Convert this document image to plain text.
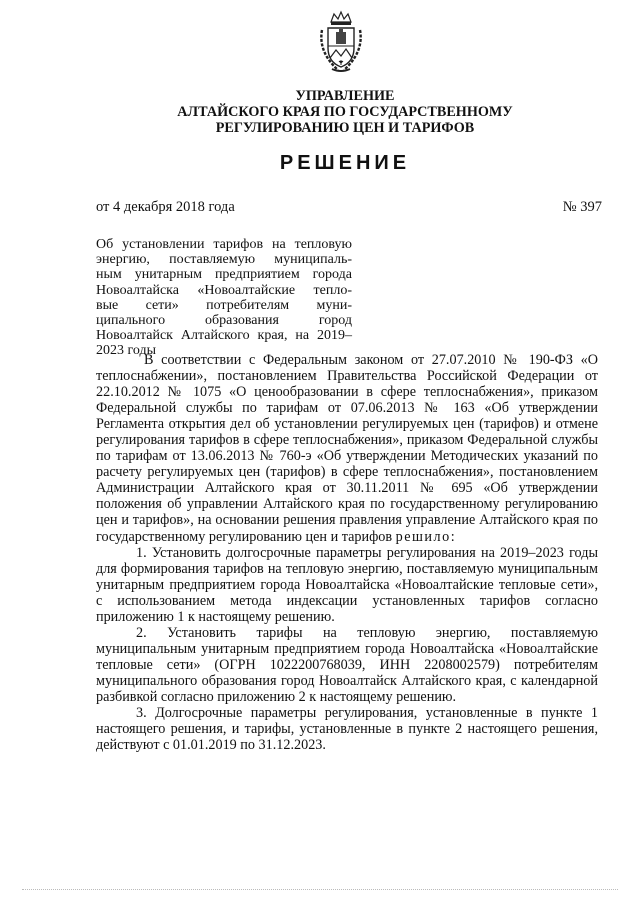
УПРАВЛЕНИЕ
АЛТАЙСКОГО КРАЯ ПО ГОСУДАРСТВЕННОМУ
РЕГУЛИРОВАНИЮ ЦЕН И ТАРИФОВ
РЕШЕНИЕ
от 4 декабря 2018 года	№ 397
Об установлении тарифов на тепловую
энергию, поставляемую муниципаль-
ным унитарным предприятием города
Новоалтайска «Новоалтайские тепло-
вые сети» потребителям муни-
ципального образования город
Новоалтайск Алтайского края, на 2019–
2023 годы

В соответствии с Федеральным законом от 27.07.2010 № 190-ФЗ «О теплоснабжении», постановлением Правительства Российской Федерации от 22.10.2012 № 1075 «О ценообразовании в сфере теплоснабжения», приказом Федеральной службы по тарифам от 07.06.2013 № 163 «Об утверждении Регламента открытия дел об установлении регулируемых цен (тарифов) и отмене регулирования тарифов в сфере теплоснабжения», приказом Федеральной службы по тарифам от 13.06.2013 № 760-э «Об утверждении Методических указаний по расчету регулируемых цен (тарифов) в сфере теплоснабжения», постановлением Администрации Алтайского края от 30.11.2011 № 695 «Об утверждении положения об управлении Алтайского края по государственному регулированию цен и тарифов», на основании решения правления управление Алтайского края по государственному регулированию цен и тарифов решило:

1. Установить долгосрочные параметры регулирования на 2019–2023 годы для формирования тарифов на тепловую энергию, поставляемую муниципальным унитарным предприятием города Новоалтайска «Новоалтайские тепловые сети», с использованием метода индексации установленных тарифов согласно приложению 1 к настоящему решению.

2. Установить тарифы на тепловую энергию, поставляемую муниципальным унитарным предприятием города Новоалтайска «Новоалтайские тепловые сети» (ОГРН 1022200768039, ИНН 2208002579) потребителям муниципального образования город Новоалтайск Алтайского края, с календарной разбивкой согласно приложению 2 к настоящему решению.

3. Долгосрочные параметры регулирования, установленные в пункте 1 настоящего решения, и тарифы, установленные в пункте 2 настоящего решения, действуют с 01.01.2019 по 31.12.2023.
